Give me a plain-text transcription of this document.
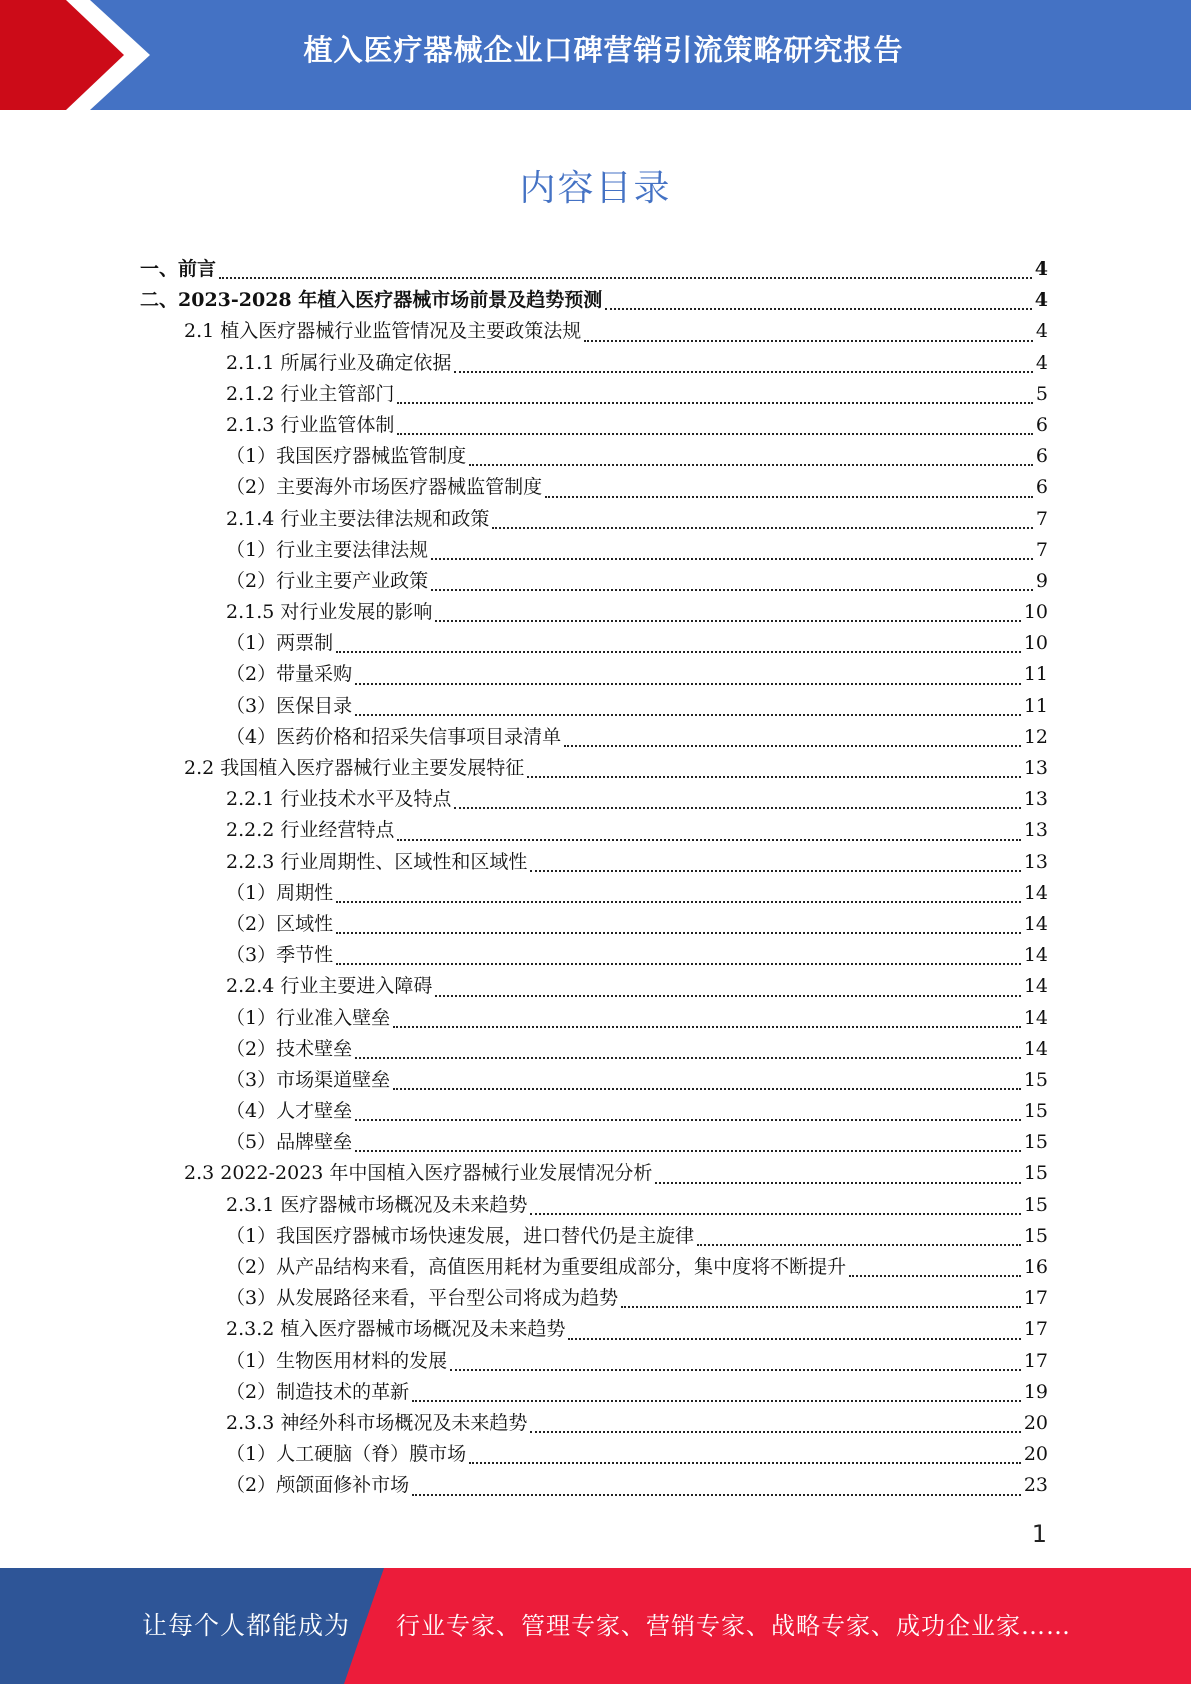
植入医疗器械企业口碑营销引流策略研究报告
内容目录
一、前言	4
二、2023-2028 年植入医疗器械市场前景及趋势预测	4
2.1 植入医疗器械行业监管情况及主要政策法规	4
2.1.1 所属行业及确定依据	4
2.1.2 行业主管部门	5
2.1.3 行业监管体制	6
（1）我国医疗器械监管制度	6
（2）主要海外市场医疗器械监管制度	6
2.1.4 行业主要法律法规和政策	7
（1）行业主要法律法规	7
（2）行业主要产业政策	9
2.1.5 对行业发展的影响	10
（1）两票制	10
（2）带量采购	11
（3）医保目录	11
（4）医药价格和招采失信事项目录清单	12
2.2 我国植入医疗器械行业主要发展特征	13
2.2.1 行业技术水平及特点	13
2.2.2 行业经营特点	13
2.2.3 行业周期性、区域性和区域性	13
（1）周期性	14
（2）区域性	14
（3）季节性	14
2.2.4 行业主要进入障碍	14
（1）行业准入壁垒	14
（2）技术壁垒	14
（3）市场渠道壁垒	15
（4）人才壁垒	15
（5）品牌壁垒	15
2.3 2022-2023 年中国植入医疗器械行业发展情况分析	15
2.3.1 医疗器械市场概况及未来趋势	15
（1）我国医疗器械市场快速发展，进口替代仍是主旋律	15
（2）从产品结构来看，高值医用耗材为重要组成部分，集中度将不断提升	16
（3）从发展路径来看，平台型公司将成为趋势	17
2.3.2 植入医疗器械市场概况及未来趋势	17
（1）生物医用材料的发展	17
（2）制造技术的革新	19
2.3.3 神经外科市场概况及未来趋势	20
（1）人工硬脑（脊）膜市场	20
（2）颅颌面修补市场	23
1
让每个人都能成为 行业专家、管理专家、营销专家、战略专家、成功企业家……
